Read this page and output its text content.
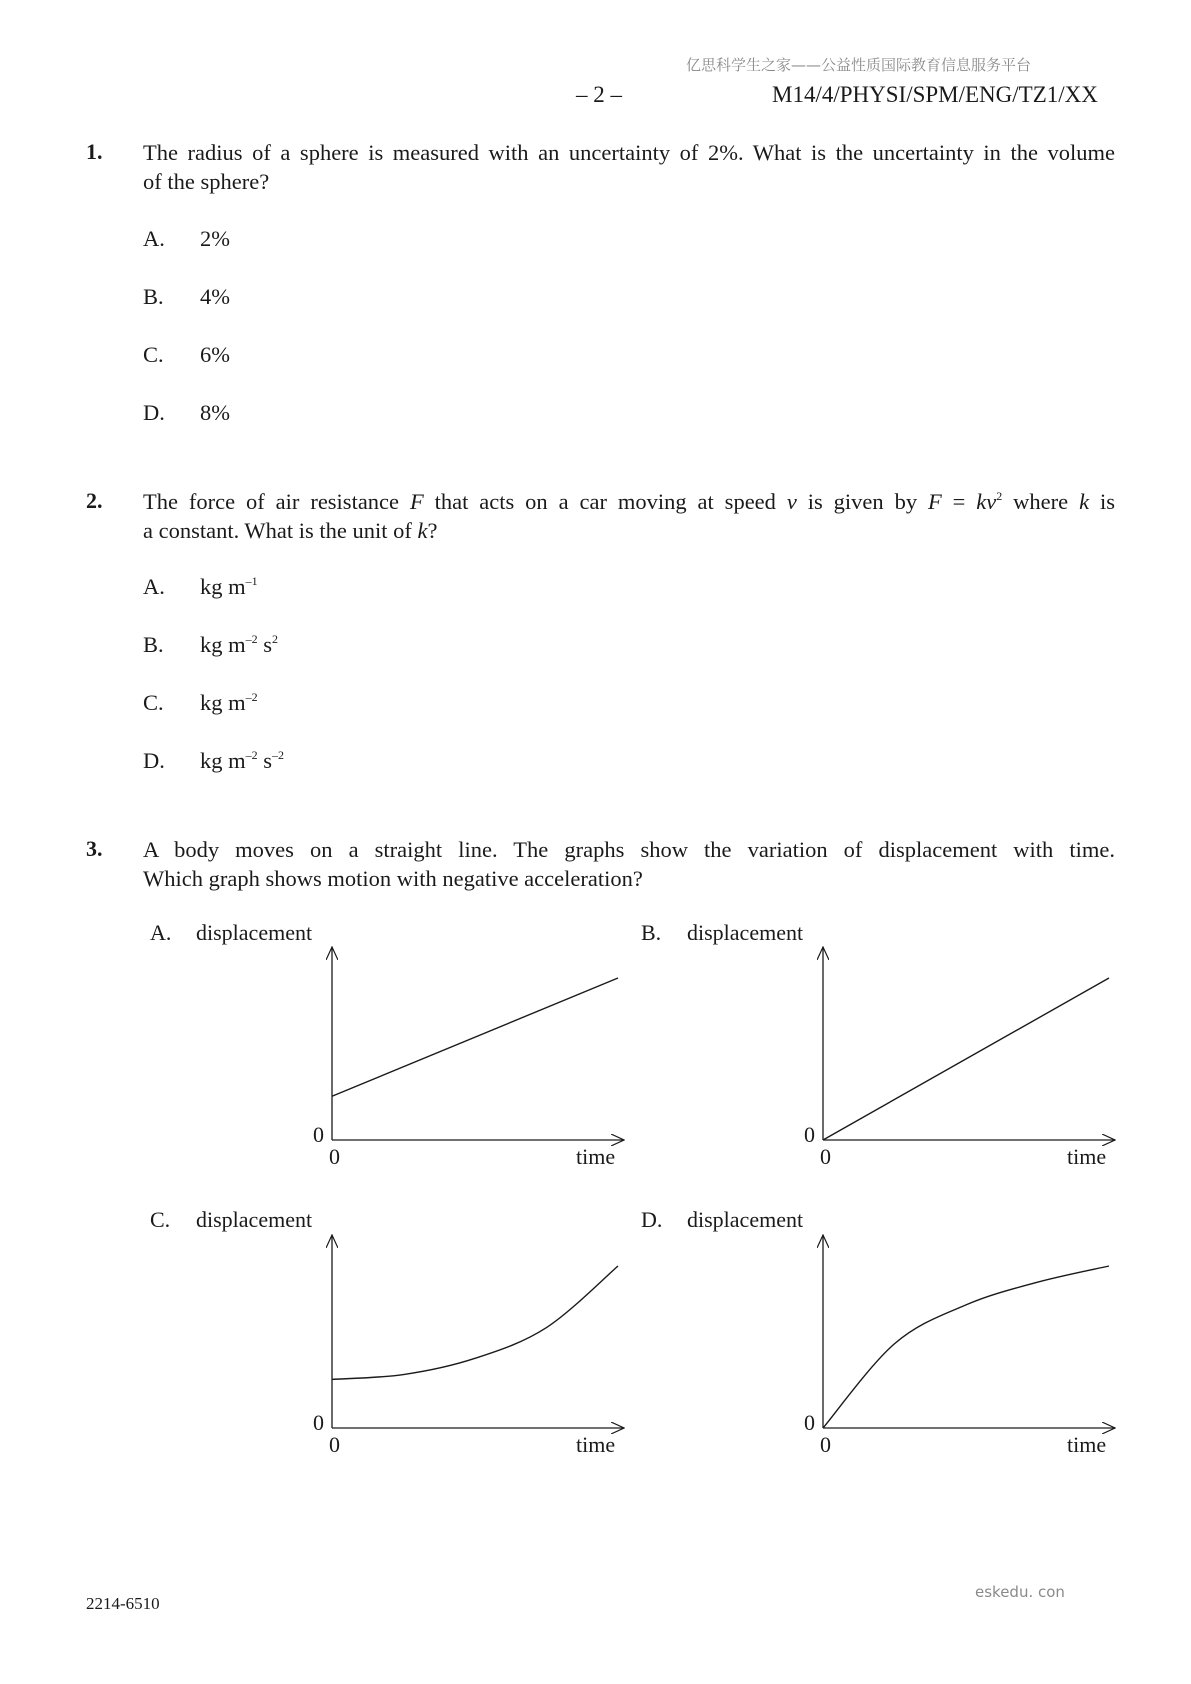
亿思科学生之家——公益性质国际教育信息服务平台
– 2 –	M14/4/PHYSI/SPM/ENG/TZ1/XX
1. The radius of a sphere is measured with an uncertainty of 2%. What is the uncertainty in the volume
of the sphere?
A. 2%
B. 4%
C. 6%
D. 8%
2. The force of air resistance F that acts on a car moving at speed v is given by $F = kv^2$ where k is
a constant. What is the unit of k?
A. kg $m^{-1}$
B. kg $m^{-2}$ $s^2$
C. kg $m^{-2}$
D. kg $m^{-2}$ $s^{-2}$
3. A body moves on a straight line. The graphs show the variation of displacement with time.
Which graph shows motion with negative acceleration?
A. displacement
0
0	time
B. displacement
0
0	time
C. displacement
0
0	time
D. displacement
0
0	time
2214-6510
eskedu. con
